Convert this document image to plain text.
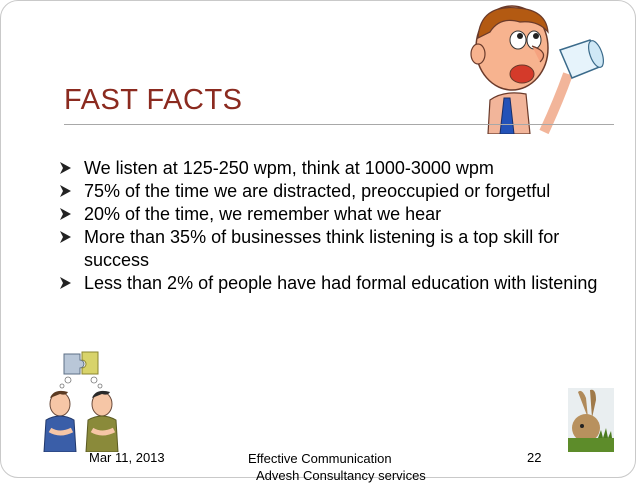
FAST FACTS
We listen at 125-250 wpm, think at 1000-3000 wpm
75% of the time we are distracted, preoccupied or forgetful
20% of the time, we remember what we hear
More than 35% of businesses think listening is a top skill for success
Less than 2% of people have had formal education with listening
Mar 11, 2013	Effective Communication
Advesh Consultancy services
22
